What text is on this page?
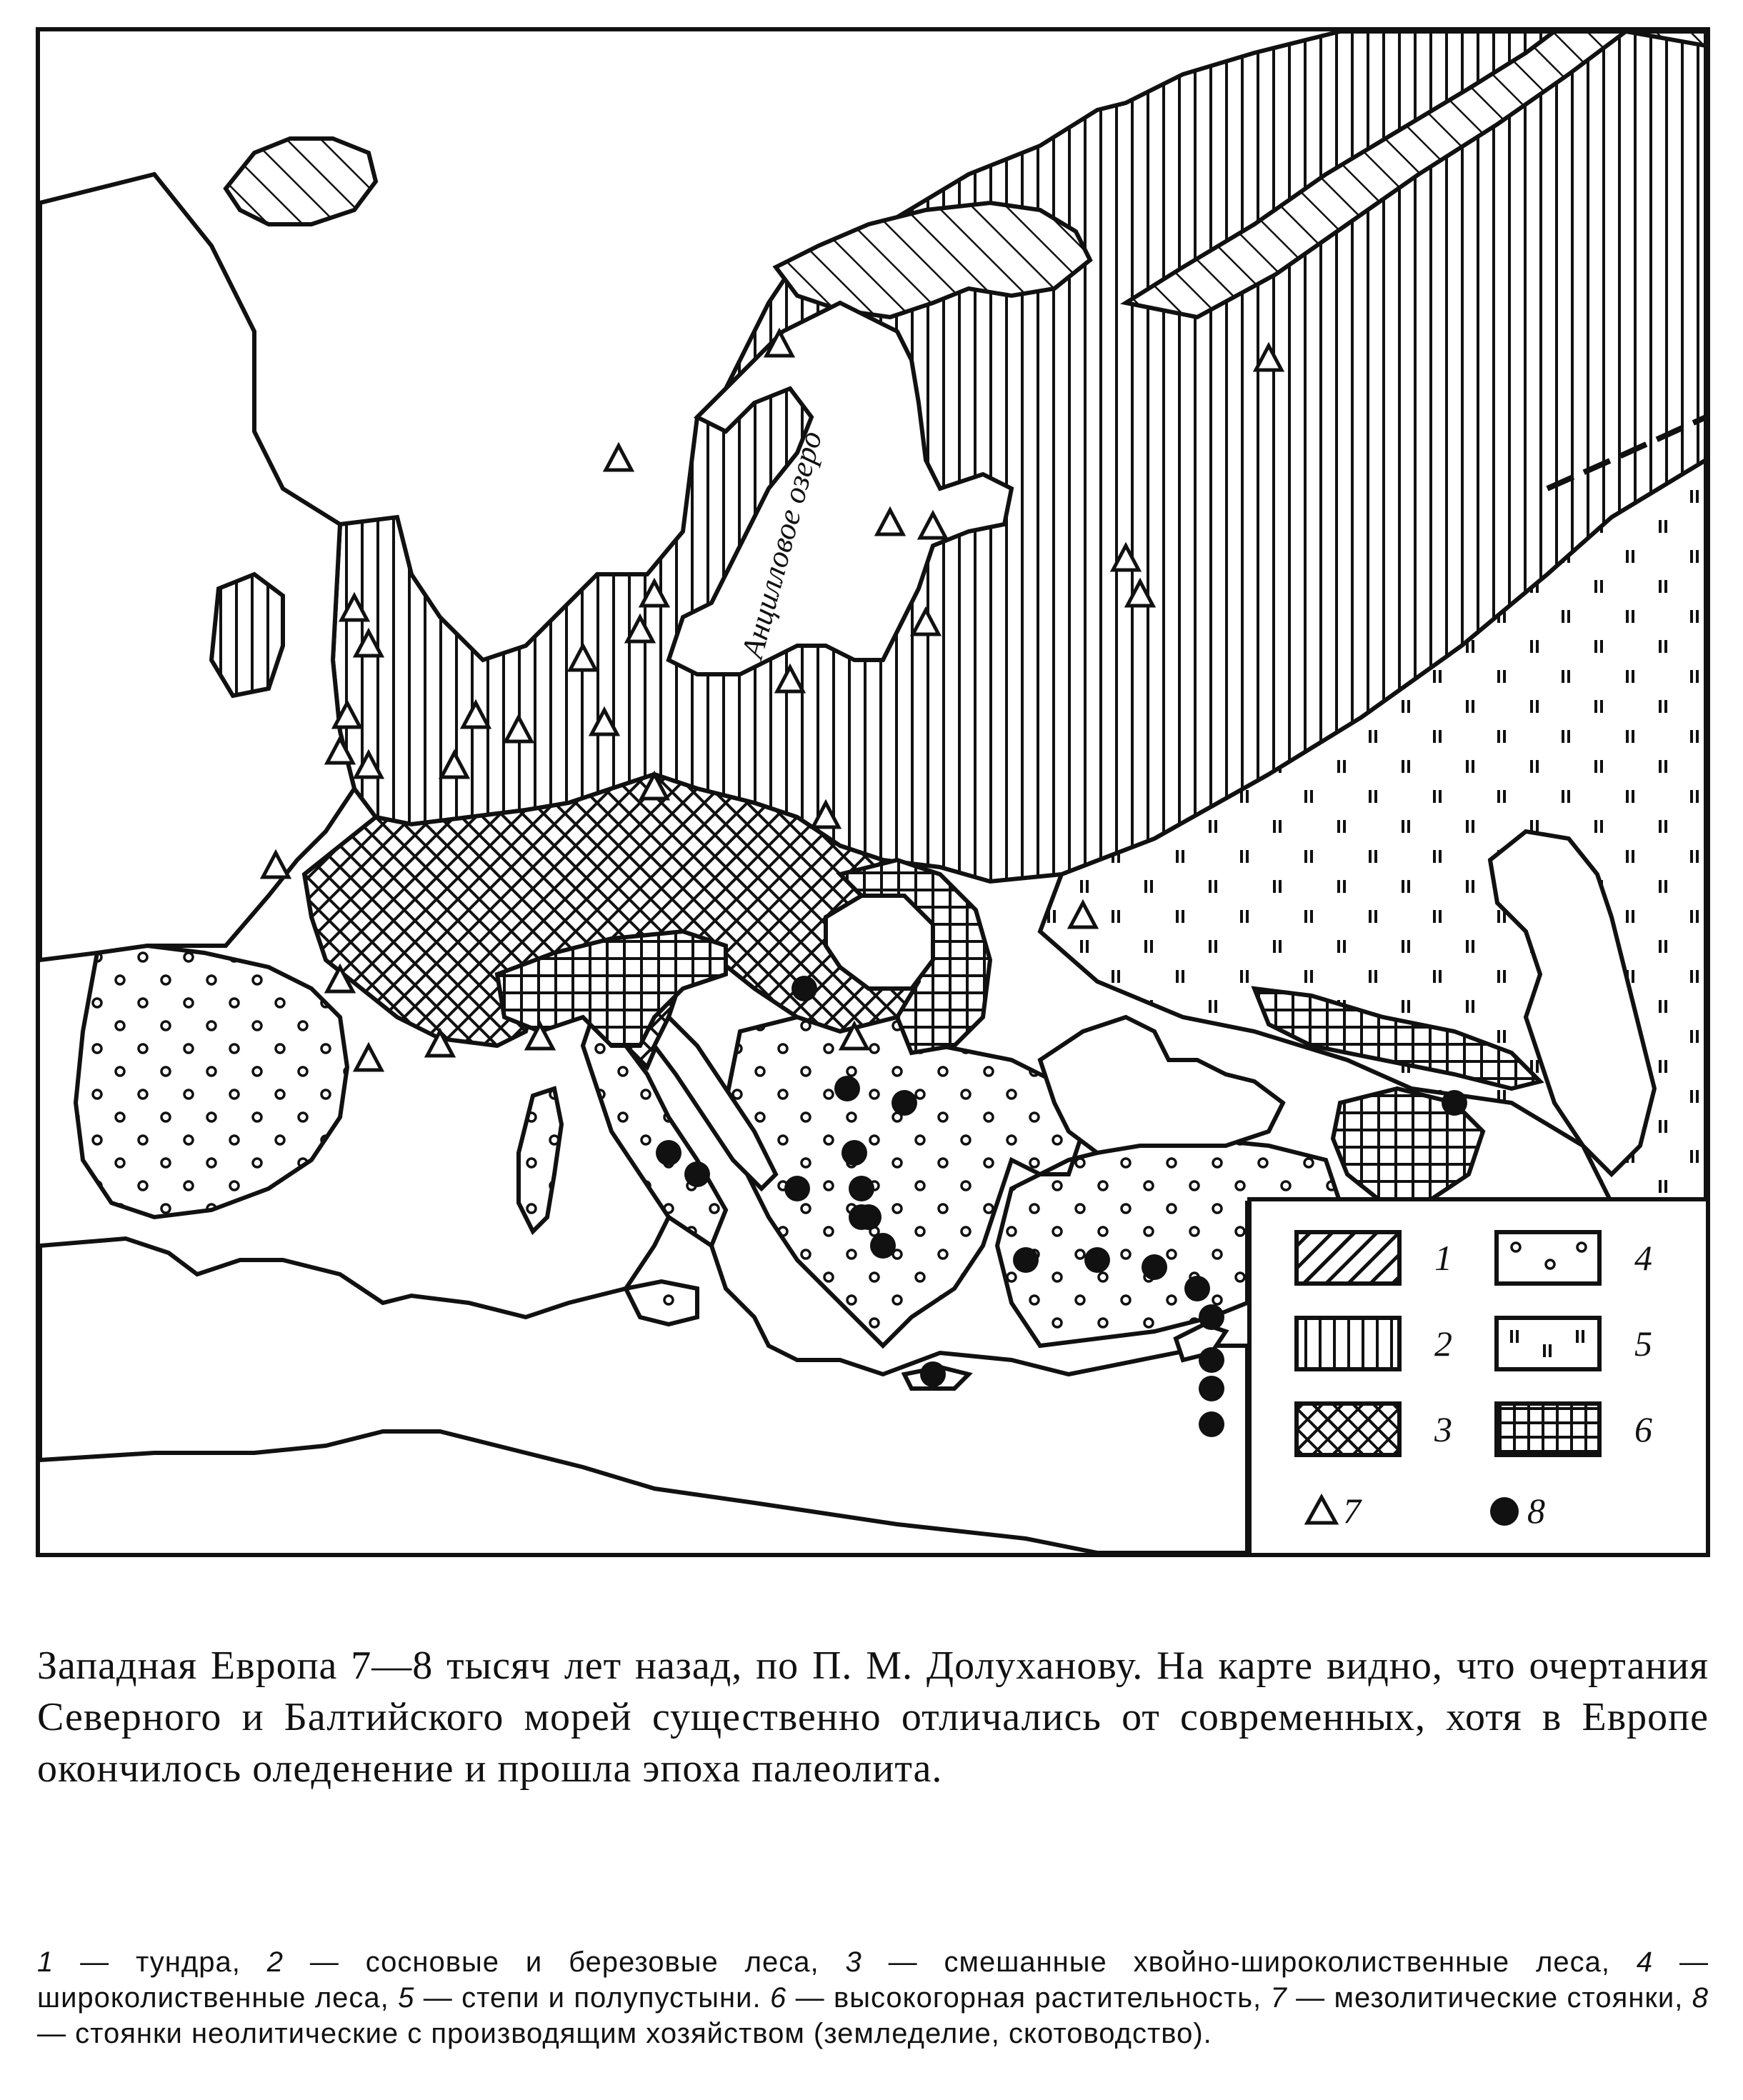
Анцилловое озеро
1	4
2	5
3	6
7	8
Западная Европа 7—8 тысяч лет назад, по П. М. Долуханову. На карте видно, что очертания Северного и Балтийского морей существенно отличались от современных, хотя в Европе окончилось оледенение и прошла эпоха палеолита.
1 — тундра, 2 — сосновые и березовые леса, 3 — смешанные хвойно-широколиственные леса, 4 — широколиственные леса, 5 — степи и полупустыни. 6 — высокогорная растительность, 7 — мезолитические стоянки, 8 — стоянки неолитические с производящим хозяйством (земледелие, скотоводство).
